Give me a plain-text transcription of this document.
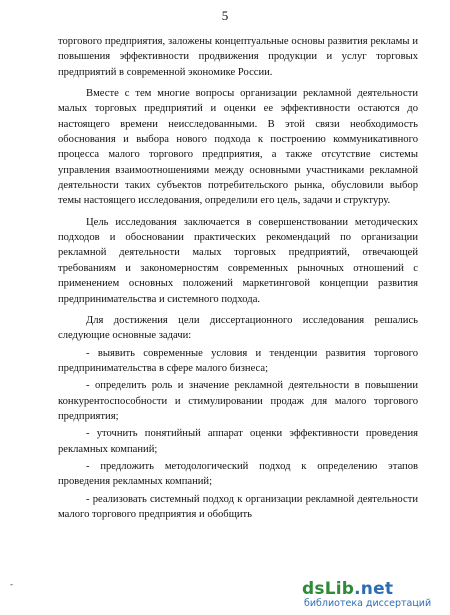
5

торгового предприятия, заложены концептуальные основы развития рекламы и повышения эффективности продвижения продукции и услуг торговых предприятий в современной экономике России.

Вместе с тем многие вопросы организации рекламной деятельности малых торговых предприятий и оценки ее эффективности остаются до настоящего времени неисследованными. В этой связи необходимость обоснования и выбора нового подхода к построению коммуникативного процесса малого торгового предприятия, а также отсутствие системы управления взаимоотношениями между основными участниками рекламной деятельности таких субъектов потребительского рынка, обусловили выбор темы настоящего исследования, определили его цель, задачи и структуру.

Цель исследования заключается в совершенствовании методических подходов и обосновании практических рекомендаций по организации рекламной деятельности малых торговых предприятий, отвечающей требованиям и закономерностям современных рыночных отношений с применением основных положений маркетинговой концепции развития предпринимательства и системного подхода.

Для достижения цели диссертационного исследования решались следующие основные задачи:

- выявить современные условия и тенденции развития торгового предпринимательства в сфере малого бизнеса;

- определить роль и значение рекламной деятельности в повышении конкурентоспособности и стимулировании продаж для малого торгового предприятия;

- уточнить понятийный аппарат оценки эффективности проведения рекламных компаний;

- предложить методологический подход к определению этапов проведения рекламных компаний;

- реализовать системный подход к организации рекламной деятельности малого торгового предприятия и обобщить

-	dsLib.net
библиотека диссертаций
